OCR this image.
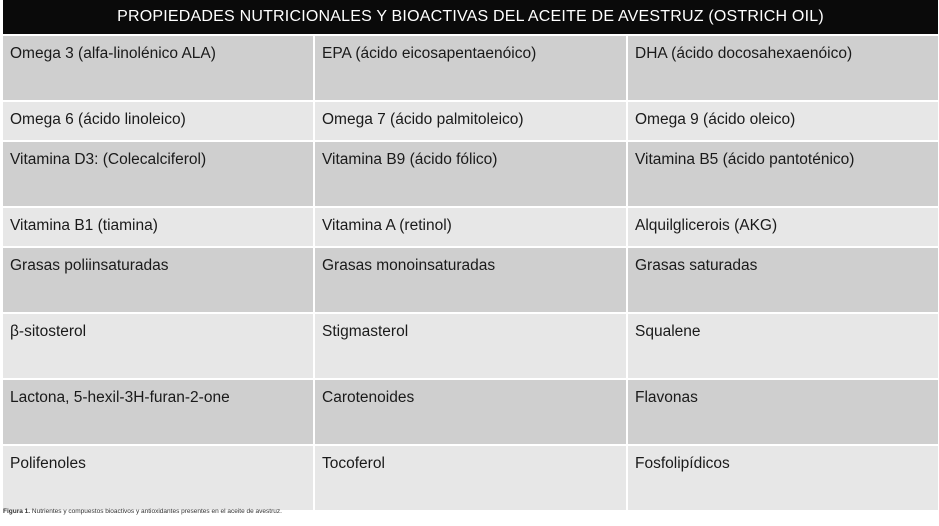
PROPIEDADES NUTRICIONALES Y BIOACTIVAS DEL ACEITE DE AVESTRUZ (OSTRICH OIL)
Omega 3 (alfa-linolénico ALA)	EPA (ácido eicosapentaenóico)	DHA (ácido docosahexaenóico)
Omega 6 (ácido linoleico)	Omega 7 (ácido palmitoleico)	Omega 9 (ácido oleico)
Vitamina D3: (Colecalciferol)	Vitamina B9 (ácido fólico)	Vitamina B5 (ácido pantoténico)
Vitamina B1 (tiamina)	Vitamina A (retinol)	Alquilglicerois (AKG)
Grasas poliinsaturadas	Grasas monoinsaturadas	Grasas saturadas
β-sitosterol	Stigmasterol	Squalene
Lactona, 5-hexil-3H-furan-2-one	Carotenoides	Flavonas
Polifenoles	Tocoferol	Fosfolipídicos
Figura 1. Nutrientes y compuestos bioactivos y antioxidantes presentes en el aceite de avestruz.
